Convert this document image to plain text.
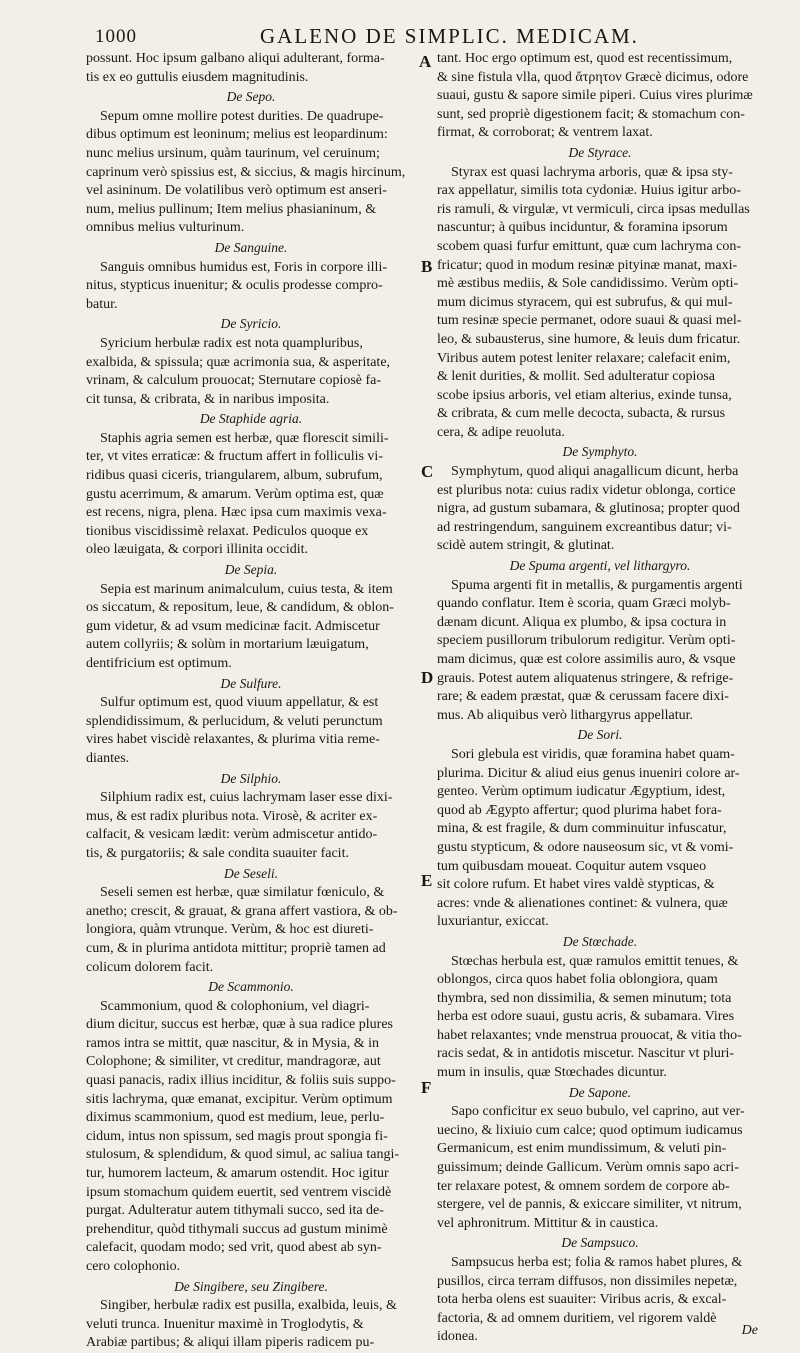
1000	GALENO DE SIMPLIC. MEDICAM.

possunt. Hoc ipsum galbano aliqui adulterant, forma-
tis ex eo guttulis eiusdem magnitudinis.

De Sepo.

Sepum omne mollire potest durities. De quadrupe-
dibus optimum est leoninum; melius est leopardinum:
nunc melius ursinum, quàm taurinum, vel ceruinum;
caprinum verò spissius est, & siccius, & magis hircinum,
vel asininum. De volatilibus verò optimum est anseri-
num, melius pullinum; Item melius phasianinum, &
omnibus melius vulturinum.

De Sanguine.

Sanguis omnibus humidus est, Foris in corpore illi-
nitus, stypticus inuenitur; & oculis prodesse compro-
batur.

De Syricio.

Syricium herbulæ radix est nota quampluribus,
exalbida, & spissula; quæ acrimonia sua, & asperitate,
vrinam, & calculum prouocat; Sternutare copiosè fa-
cit tunsa, & cribrata, & in naribus imposita.

De Staphide agria.

Staphis agria semen est herbæ, quæ florescit simili-
ter, vt vites erraticæ: & fructum affert in folliculis vi-
ridibus quasi ciceris, triangularem, album, subrufum,
gustu acerrimum, & amarum. Verùm optima est, quæ
est recens, nigra, plena. Hæc ipsa cum maximis vexa-
tionibus viscidissimè relaxat. Pediculos quoque ex
oleo læuigata, & corpori illinita occidit.

De Sepia.

Sepia est marinum animalculum, cuius testa, & item
os siccatum, & repositum, leue, & candidum, & oblon-
gum videtur, & ad vsum medicinæ facit. Admiscetur
autem collyriis; & solùm in mortarium læuigatum,
dentifricium est optimum.

De Sulfure.

Sulfur optimum est, quod viuum appellatur, & est
splendidissimum, & perlucidum, & veluti perunctum
vires habet viscidè relaxantes, & plurima vitia reme-
diantes.

De Silphio.

Silphium radix est, cuius lachrymam laser esse dixi-
mus, & est radix pluribus nota. Virosè, & acriter ex-
calfacit, & vesicam lædit: verùm admiscetur antido-
tis, & purgatoriis; & sale condita suauiter facit.

De Seseli.

Seseli semen est herbæ, quæ similatur fœniculo, &
anetho; crescit, & grauat, & grana affert vastiora, & ob-
longiora, quàm vtrunque. Verùm, & hoc est diureti-
cum, & in plurima antidota mittitur; propriè tamen ad
colicum dolorem facit.

De Scammonio.

Scammonium, quod & colophonium, vel diagri-
dium dicitur, succus est herbæ, quæ à sua radice plures
ramos intra se mittit, quæ nascitur, & in Mysia, & in
Colophone; & similiter, vt creditur, mandragoræ, aut
quasi panacis, radix illius inciditur, & foliis suis suppo-
sitis lachryma, quæ emanat, excipitur. Verùm optimum
diximus scammonium, quod est medium, leue, perlu-
cidum, intus non spissum, sed magis prout spongia fi-
stulosum, & splendidum, & quod simul, ac saliua tangi-
tur, humorem lacteum, & amarum ostendit. Hoc igitur
ipsum stomachum quidem euertit, sed ventrem viscidè
purgat. Adulteratur autem tithymali succo, sed ita de-
prehenditur, quòd tithymali succus ad gustum minimè
calefacit, quodam modo; sed vrit, quod abest ab syn-
cero colophonio.

De Singibere, seu Zingibere.

Singiber, herbulæ radix est pusilla, exalbida, leuis, &
veluti trunca. Inuenitur maximè in Troglodytis, &
Arabiæ partibus; & aliqui illam piperis radicem pu-

tant. Hoc ergo optimum est, quod est recentissimum,
& sine fistula vlla, quod ἄτρητον Græcè dicimus, odore
suaui, gustu & sapore simile piperi. Cuius vires plurimæ
sunt, sed propriè digestionem facit; & stomachum con-
firmat, & corroborat; & ventrem laxat.

De Styrace.

Styrax est quasi lachryma arboris, quæ & ipsa sty-
rax appellatur, similis tota cydoniæ. Huius igitur arbo-
ris ramuli, & virgulæ, vt vermiculi, circa ipsas medullas
nascuntur; à quibus inciduntur, & foramina ipsorum
scobem quasi furfur emittunt, quæ cum lachryma con-
fricatur; quod in modum resinæ pityinæ manat, maxi-
mè æstibus mediis, & Sole candidissimo. Verùm opti-
mum dicimus styracem, qui est subrufus, & qui mul-
tum resinæ specie permanet, odore suaui & quasi mel-
leo, & subausterus, sine humore, & leuis dum fricatur.
Viribus autem potest leniter relaxare; calefacit enim,
& lenit durities, & mollit. Sed adulteratur copiosa
scobe ipsius arboris, vel etiam alterius, exinde tunsa,
& cribrata, & cum melle decocta, subacta, & rursus
cera, & adipe reuoluta.

De Symphyto.

Symphytum, quod aliqui anagallicum dicunt, herba
est pluribus nota: cuius radix videtur oblonga, cortice
nigra, ad gustum subamara, & glutinosa; propter quod
ad restringendum, sanguinem excreantibus datur; vi-
scidè autem stringit, & glutinat.

De Spuma argenti, vel lithargyro.

Spuma argenti fit in metallis, & purgamentis argenti
quando conflatur. Item è scoria, quam Græci molyb-
dænam dicunt. Aliqua ex plumbo, & ipsa coctura in
speciem pusillorum tribulorum redigitur. Verùm opti-
mam dicimus, quæ est colore assimilis auro, & vsque
grauis. Potest autem aliquatenus stringere, & refrige-
rare; & eadem præstat, quæ & cerussam facere dixi-
mus. Ab aliquibus verò lithargyrus appellatur.

De Sori.

Sori glebula est viridis, quæ foramina habet quam-
plurima. Dicitur & aliud eius genus inueniri colore ar-
genteo. Verùm optimum iudicatur Ægyptium, idest,
quod ab Ægypto affertur; quod plurima habet fora-
mina, & est fragile, & dum comminuitur infuscatur,
gustu stypticum, & odore nauseosum sic, vt & vomi-
tum quibusdam moueat. Coquitur autem vsqueo
sit colore rufum. Et habet vires valdè stypticas, &
acres: vnde & alienationes continet: & vulnera, quæ
luxuriantur, exiccat.

De Stœchade.

Stœchas herbula est, quæ ramulos emittit tenues, &
oblongos, circa quos habet folia oblongiora, quam
thymbra, sed non dissimilia, & semen minutum; tota
herba est odore suaui, gustu acris, & subamara. Vires
habet relaxantes; vnde menstrua prouocat, & vitia tho-
racis sedat, & in antidotis miscetur. Nascitur vt pluri-
mum in insulis, quæ Stœchades dicuntur.

De Sapone.

Sapo conficitur ex seuo bubulo, vel caprino, aut ver-
uecino, & lixiuio cum calce; quod optimum iudicamus
Germanicum, est enim mundissimum, & veluti pin-
guissimum; deinde Gallicum. Verùm omnis sapo acri-
ter relaxare potest, & omnem sordem de corpore ab-
stergere, vel de pannis, & exiccare similiter, vt nitrum,
vel aphronitrum. Mittitur & in caustica.

De Sampsuco.

Sampsucus herba est; folia & ramos habet plures, &
pusillos, circa terram diffusos, non dissimiles nepetæ,
tota herba olens est suauiter: Viribus acris, & excal-
factoria, & ad omnem duritiem, vel rigorem valdè
idonea.

A
B
C
D
E
F
De
